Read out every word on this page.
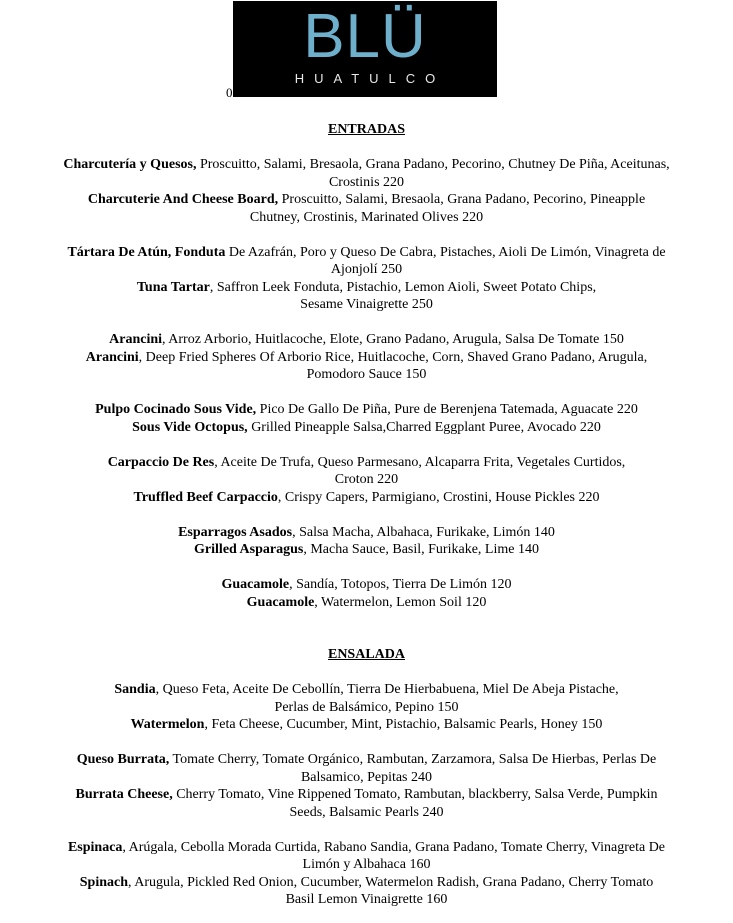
BLÜ
HUATULCO
0

ENTRADAS

Charcutería y Quesos, Proscuitto, Salami, Bresaola, Grana Padano, Pecorino, Chutney De Piña, Aceitunas,

Crostinis 220

Charcuterie And Cheese Board, Proscuitto, Salami, Bresaola, Grana Padano, Pecorino, Pineapple

Chutney, Crostinis, Marinated Olives 220

Tártara De Atún, Fonduta De Azafrán, Poro y Queso De Cabra, Pistaches, Aioli De Limón, Vinagreta de

Ajonjolí 250

Tuna Tartar, Saffron Leek Fonduta, Pistachio, Lemon Aioli, Sweet Potato Chips,

Sesame Vinaigrette 250

Arancini, Arroz Arborio, Huitlacoche, Elote, Grano Padano, Arugula, Salsa De Tomate 150

Arancini, Deep Fried Spheres Of Arborio Rice, Huitlacoche, Corn, Shaved Grano Padano, Arugula,

Pomodoro Sauce 150

Pulpo Cocinado Sous Vide, Pico De Gallo De Piña, Pure de Berenjena Tatemada, Aguacate 220

Sous Vide Octopus, Grilled Pineapple Salsa,Charred Eggplant Puree, Avocado 220

Carpaccio De Res, Aceite De Trufa, Queso Parmesano, Alcaparra Frita, Vegetales Curtidos,

Croton 220

Truffled Beef Carpaccio, Crispy Capers, Parmigiano, Crostini, House Pickles 220

Esparragos Asados, Salsa Macha, Albahaca, Furikake, Limón 140

Grilled Asparagus, Macha Sauce, Basil, Furikake, Lime 140

Guacamole, Sandía, Totopos, Tierra De Limón 120

Guacamole, Watermelon, Lemon Soil 120

ENSALADA

Sandia, Queso Feta, Aceite De Cebollín, Tierra De Hierbabuena, Miel De Abeja Pistache,

Perlas de Balsámico, Pepino 150

Watermelon, Feta Cheese, Cucumber, Mint, Pistachio, Balsamic Pearls, Honey 150

Queso Burrata, Tomate Cherry, Tomate Orgánico, Rambutan, Zarzamora, Salsa De Hierbas, Perlas De

Balsamico, Pepitas 240

Burrata Cheese, Cherry Tomato, Vine Rippened Tomato, Rambutan, blackberry, Salsa Verde, Pumpkin

Seeds, Balsamic Pearls 240

Espinaca, Arúgala, Cebolla Morada Curtida, Rabano Sandia, Grana Padano, Tomate Cherry, Vinagreta De

Limón y Albahaca 160

Spinach, Arugula, Pickled Red Onion, Cucumber, Watermelon Radish, Grana Padano, Cherry Tomato

Basil Lemon Vinaigrette 160
